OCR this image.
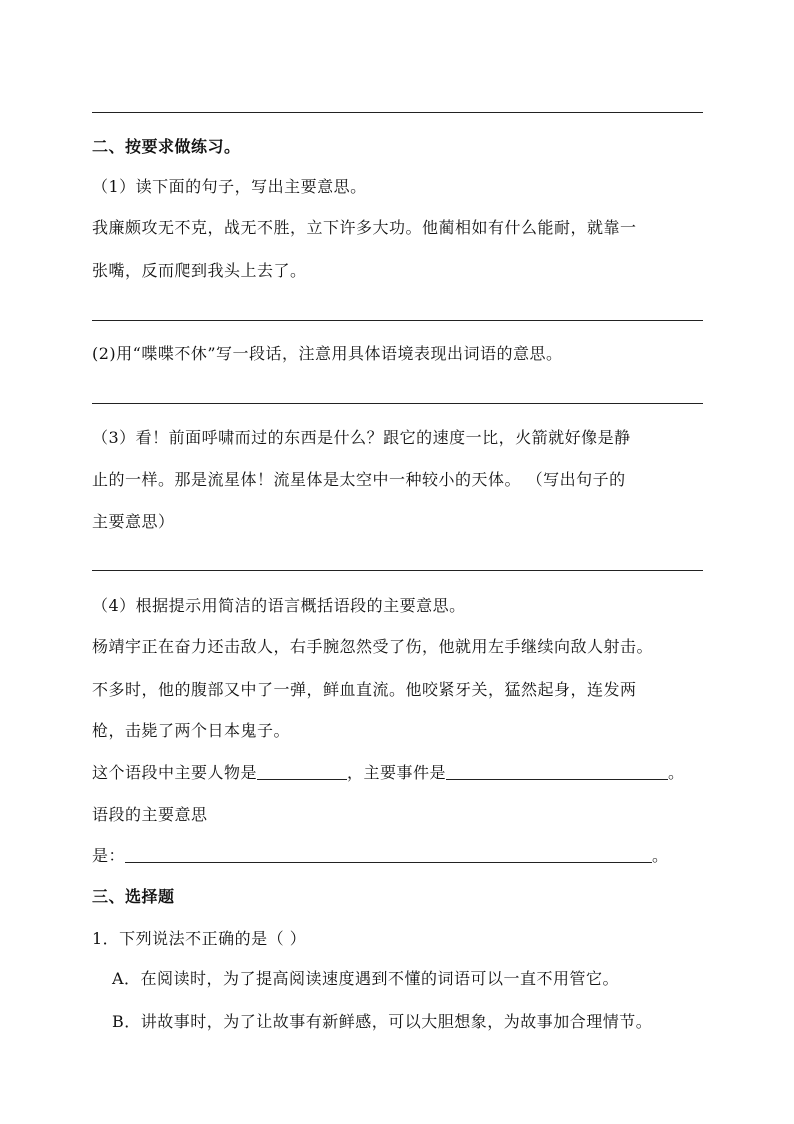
二、按要求做练习。
（1）读下面的句子，写出主要意思。
我廉颇攻无不克，战无不胜，立下许多大功。他蔺相如有什么能耐，就靠一
张嘴，反而爬到我头上去了。
(2)用“喋喋不休”写一段话，注意用具体语境表现出词语的意思。
（3）看！前面呼啸而过的东西是什么？跟它的速度一比，火箭就好像是静
止的一样。那是流星体！流星体是太空中一种较小的天体。 （写出句子的
主要意思）
（4）根据提示用简洁的语言概括语段的主要意思。
杨靖宇正在奋力还击敌人，右手腕忽然受了伤，他就用左手继续向敌人射击。
不多时，他的腹部又中了一弹，鲜血直流。他咬紧牙关，猛然起身，连发两
枪，击毙了两个日本鬼子。
这个语段中主要人物是	，主要事件是	。
语段的主要意思
是：	。
三、选择题
1．下列说法不正确的是（ ）
A．在阅读时，为了提高阅读速度遇到不懂的词语可以一直不用管它。
B．讲故事时，为了让故事有新鲜感，可以大胆想象，为故事加合理情节。
